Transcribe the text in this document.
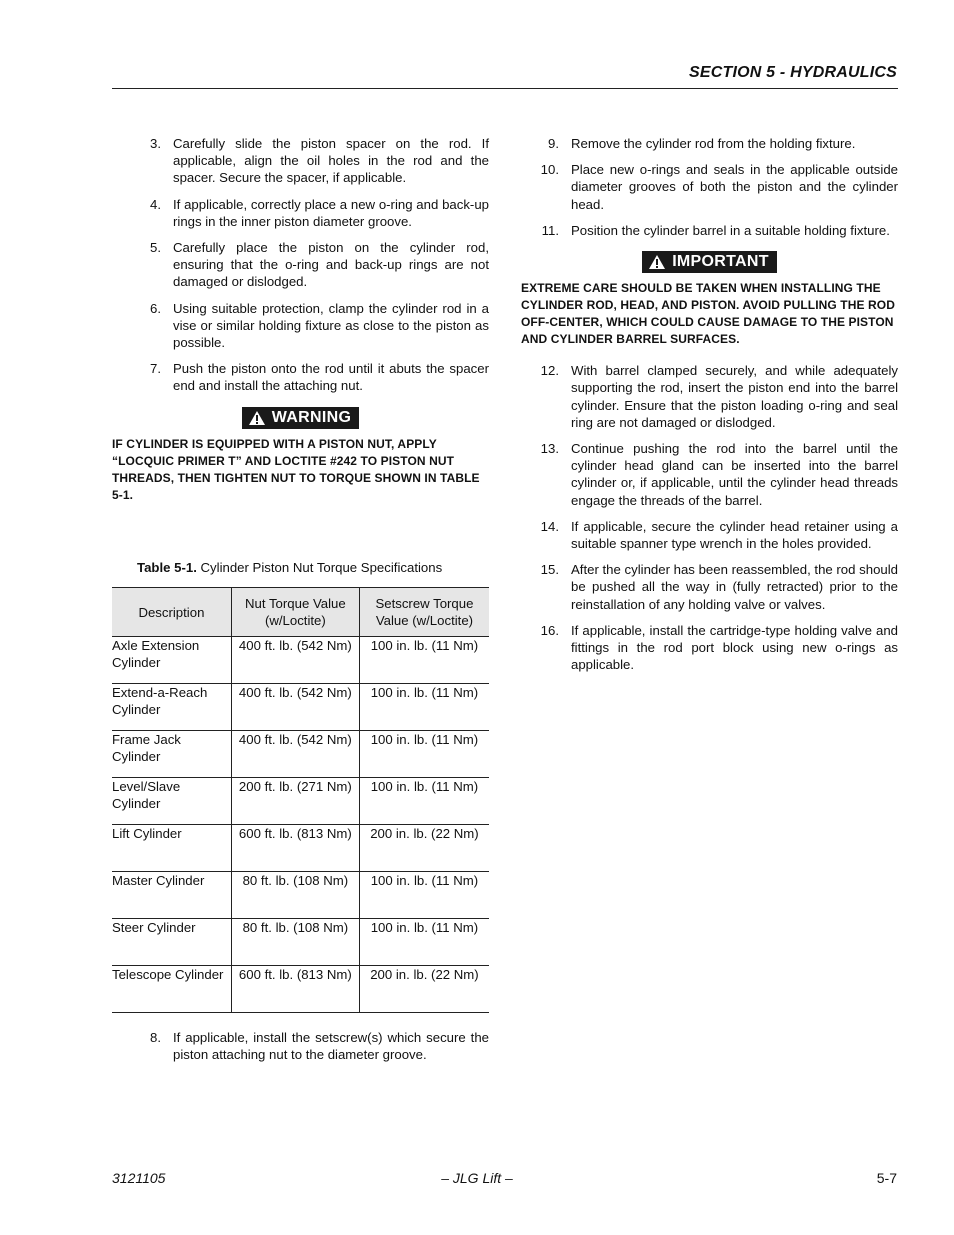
SECTION 5 - HYDRAULICS
3. Carefully slide the piston spacer on the rod. If applicable, align the oil holes in the rod and the spacer. Secure the spacer, if applicable.
4. If applicable, correctly place a new o-ring and back-up rings in the inner piston diameter groove.
5. Carefully place the piston on the cylinder rod, ensuring that the o-ring and back-up rings are not damaged or dislodged.
6. Using suitable protection, clamp the cylinder rod in a vise or similar holding fixture as close to the piston as possible.
7. Push the piston onto the rod until it abuts the spacer end and install the attaching nut.
WARNING
IF CYLINDER IS EQUIPPED WITH A PISTON NUT, APPLY “LOCQUIC PRIMER T” AND LOCTITE #242 TO PISTON NUT THREADS, THEN TIGHTEN NUT TO TORQUE SHOWN IN TABLE 5-1.
Table 5-1. Cylinder Piston Nut Torque Specifications
Description	Nut Torque Value (w/Loctite)	Setscrew Torque Value (w/Loctite)
Axle Extension Cylinder	400 ft. lb. (542 Nm)	100 in. lb. (11 Nm)
Extend-a-Reach Cylinder	400 ft. lb. (542 Nm)	100 in. lb. (11 Nm)
Frame Jack Cylinder	400 ft. lb. (542 Nm)	100 in. lb. (11 Nm)
Level/Slave Cylinder	200 ft. lb. (271 Nm)	100 in. lb. (11 Nm)
Lift Cylinder	600 ft. lb. (813 Nm)	200 in. lb. (22 Nm)
Master Cylinder	80 ft. lb. (108 Nm)	100 in. lb. (11 Nm)
Steer Cylinder	80 ft. lb. (108 Nm)	100 in. lb. (11 Nm)
Telescope Cylinder	600 ft. lb. (813 Nm)	200 in. lb. (22 Nm)
8. If applicable, install the setscrew(s) which secure the piston attaching nut to the diameter groove.
9. Remove the cylinder rod from the holding fixture.
10. Place new o-rings and seals in the applicable outside diameter grooves of both the piston and the cylinder head.
11. Position the cylinder barrel in a suitable holding fixture.
IMPORTANT
EXTREME CARE SHOULD BE TAKEN WHEN INSTALLING THE CYLINDER ROD, HEAD, AND PISTON. AVOID PULLING THE ROD OFF-CENTER, WHICH COULD CAUSE DAMAGE TO THE PISTON AND CYLINDER BARREL SURFACES.
12. With barrel clamped securely, and while adequately supporting the rod, insert the piston end into the barrel cylinder. Ensure that the piston loading o-ring and seal ring are not damaged or dislodged.
13. Continue pushing the rod into the barrel until the cylinder head gland can be inserted into the barrel cylinder or, if applicable, until the cylinder head threads engage the threads of the barrel.
14. If applicable, secure the cylinder head retainer using a suitable spanner type wrench in the holes provided.
15. After the cylinder has been reassembled, the rod should be pushed all the way in (fully retracted) prior to the reinstallation of any holding valve or valves.
16. If applicable, install the cartridge-type holding valve and fittings in the rod port block using new o-rings as applicable.
– JLG Lift –
3121105	5-7
